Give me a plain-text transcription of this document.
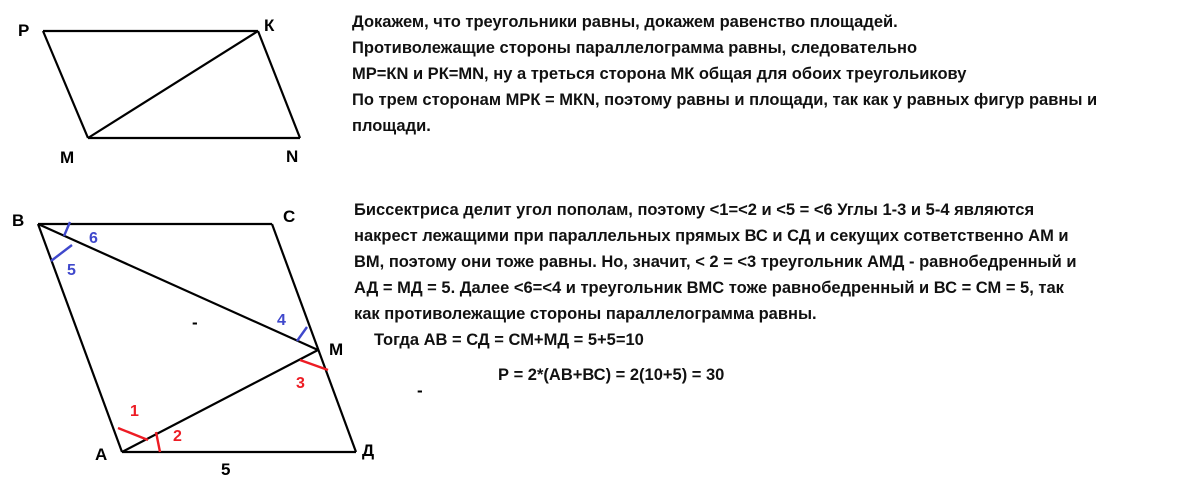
Р	К
М	N
6
5
4
1
2
3
В	С
М
А	Д
5
-
-

Докажем, что треугольники равны, докажем равенство площадей.

Противолежащие стороны параллелограмма равны, следовательно

МР=КN и РК=МN, ну а треться сторона МК общая для обоих треугольикову

По трем сторонам МРК = МКN, поэтому равны и площади, так как у равных фигур равны и

площади.

Биссектриса делит угол пополам, поэтому <1=<2 и <5 = <6 Углы 1-3 и 5-4 являются

накрест лежащими при параллельных прямых ВС и СД и секущих сответственно АМ и

ВМ, поэтому они тоже равны. Но, значит, < 2 = <3 треугольник АМД - равнобедренный и

АД = МД = 5. Далее <6=<4 и треугольник ВМС тоже равнобедренный и ВС = СМ = 5, так

как противолежащие стороны параллелограмма равны.

Тогда АВ = СД = СМ+МД = 5+5=10
Р = 2*(АВ+ВС) = 2(10+5) = 30
